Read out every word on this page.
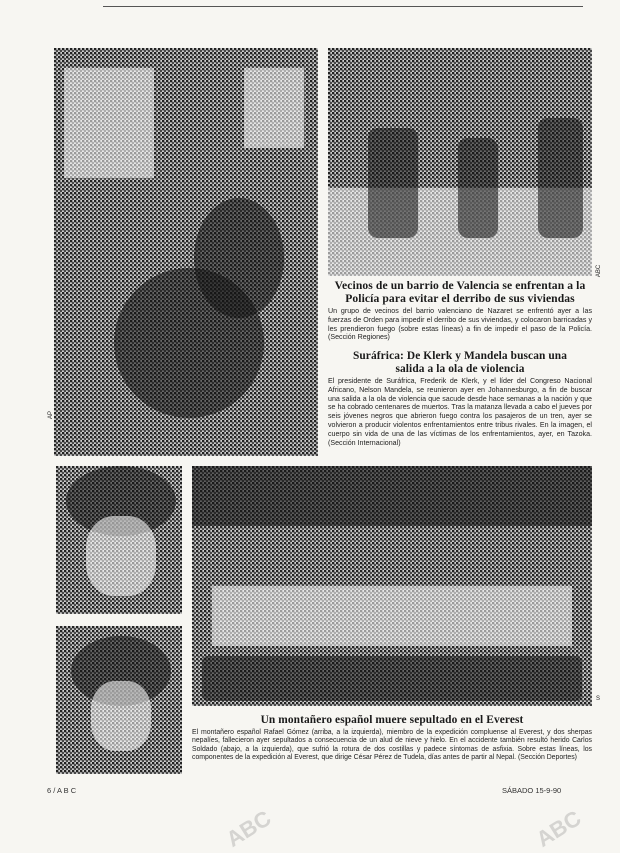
AP
ABC
Vecinos de un barrio de Valencia se enfrentan a la Policía para evitar el derribo de sus viviendas
Un grupo de vecinos del barrio valenciano de Nazaret se enfrentó ayer a las fuerzas de Orden para impedir el derribo de sus viviendas, y colocaron barricadas y les prendieron fuego (sobre estas líneas) a fin de impedir el paso de la Policía. (Sección Regiones)
Suráfrica: De Klerk y Mandela buscan una salida a la ola de violencia
El presidente de Suráfrica, Frederik de Klerk, y el líder del Congreso Nacional Africano, Nelson Mandela, se reunieron ayer en Johannesburgo, a fin de buscar una salida a la ola de violencia que sacude desde hace semanas a la nación y que se ha cobrado centenares de muertos. Tras la matanza llevada a cabo el jueves por seis jóvenes negros que abrieron fuego contra los pasajeros de un tren, ayer se volvieron a producir violentos enfrentamientos entre tribus rivales. En la imagen, el cuerpo sin vida de una de las víctimas de los enfrentamientos, ayer, en Tazoka. (Sección Internacional)
S
Un montañero español muere sepultado en el Everest
El montañero español Rafael Gómez (arriba, a la izquierda), miembro de la expedición compluense al Everest, y dos sherpas nepalíes, fallecieron ayer sepultados a consecuencia de un alud de nieve y hielo. En el accidente también resultó herido Carlos Soldado (abajo, a la izquierda), que sufrió la rotura de dos costillas y padece síntomas de asfixia. Sobre estas líneas, los componentes de la expedición al Everest, que dirige César Pérez de Tudela, días antes de partir al Nepal. (Sección Deportes)
6 / A B C	SÁBADO 15-9-90
ABC	ABC
